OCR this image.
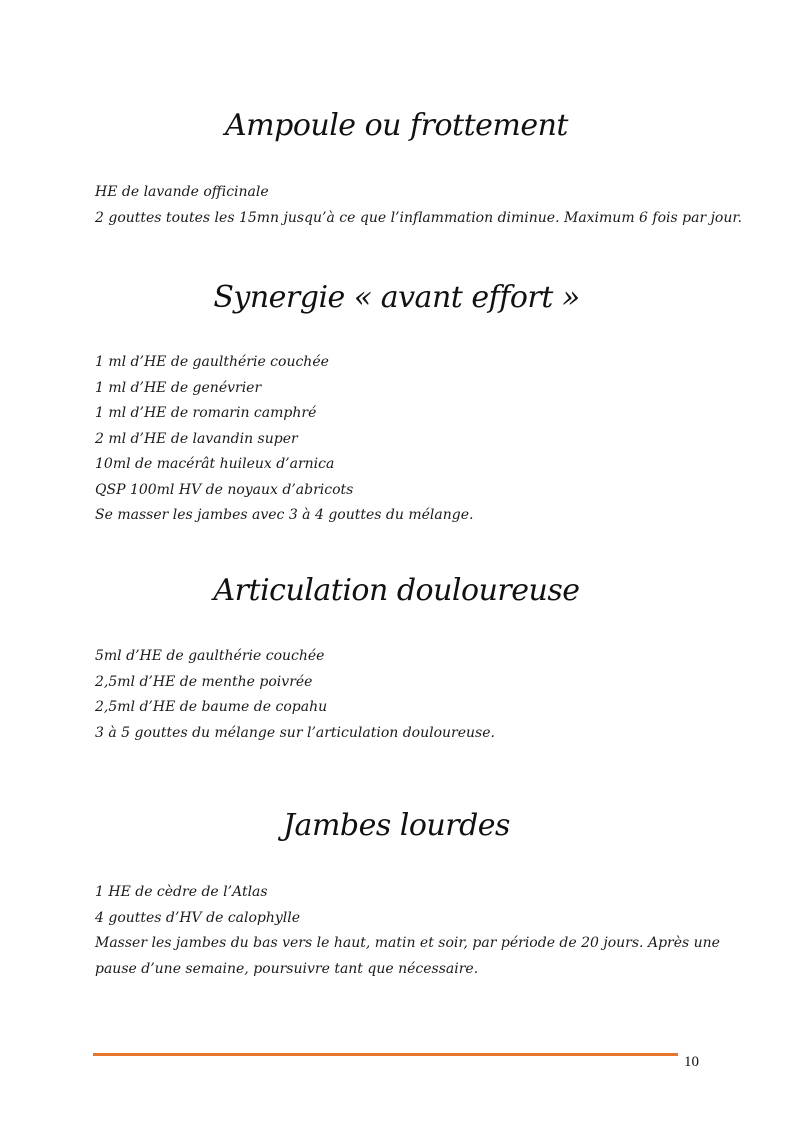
Ampoule ou frottement
HE de lavande officinale
2 gouttes toutes les 15mn jusqu’à ce que l’inflammation diminue. Maximum 6 fois par jour.
Synergie « avant effort »
1 ml d’HE de gaulthérie couchée
1 ml d’HE de genévrier
1 ml d’HE de romarin camphré
2 ml d’HE de lavandin super
10ml de macérât huileux d’arnica
QSP 100ml HV de noyaux d’abricots
Se masser les jambes avec 3 à 4 gouttes du mélange.
Articulation douloureuse
5ml d’HE de gaulthérie couchée
2,5ml d’HE de menthe poivrée
2,5ml d’HE de baume de copahu
3 à 5 gouttes du mélange sur l’articulation douloureuse.
Jambes lourdes
1 HE de cèdre de l’Atlas
4 gouttes d’HV de calophylle
Masser les jambes du bas vers le haut, matin et soir, par période de 20 jours. Après une
pause d’une semaine, poursuivre tant que nécessaire.
10
